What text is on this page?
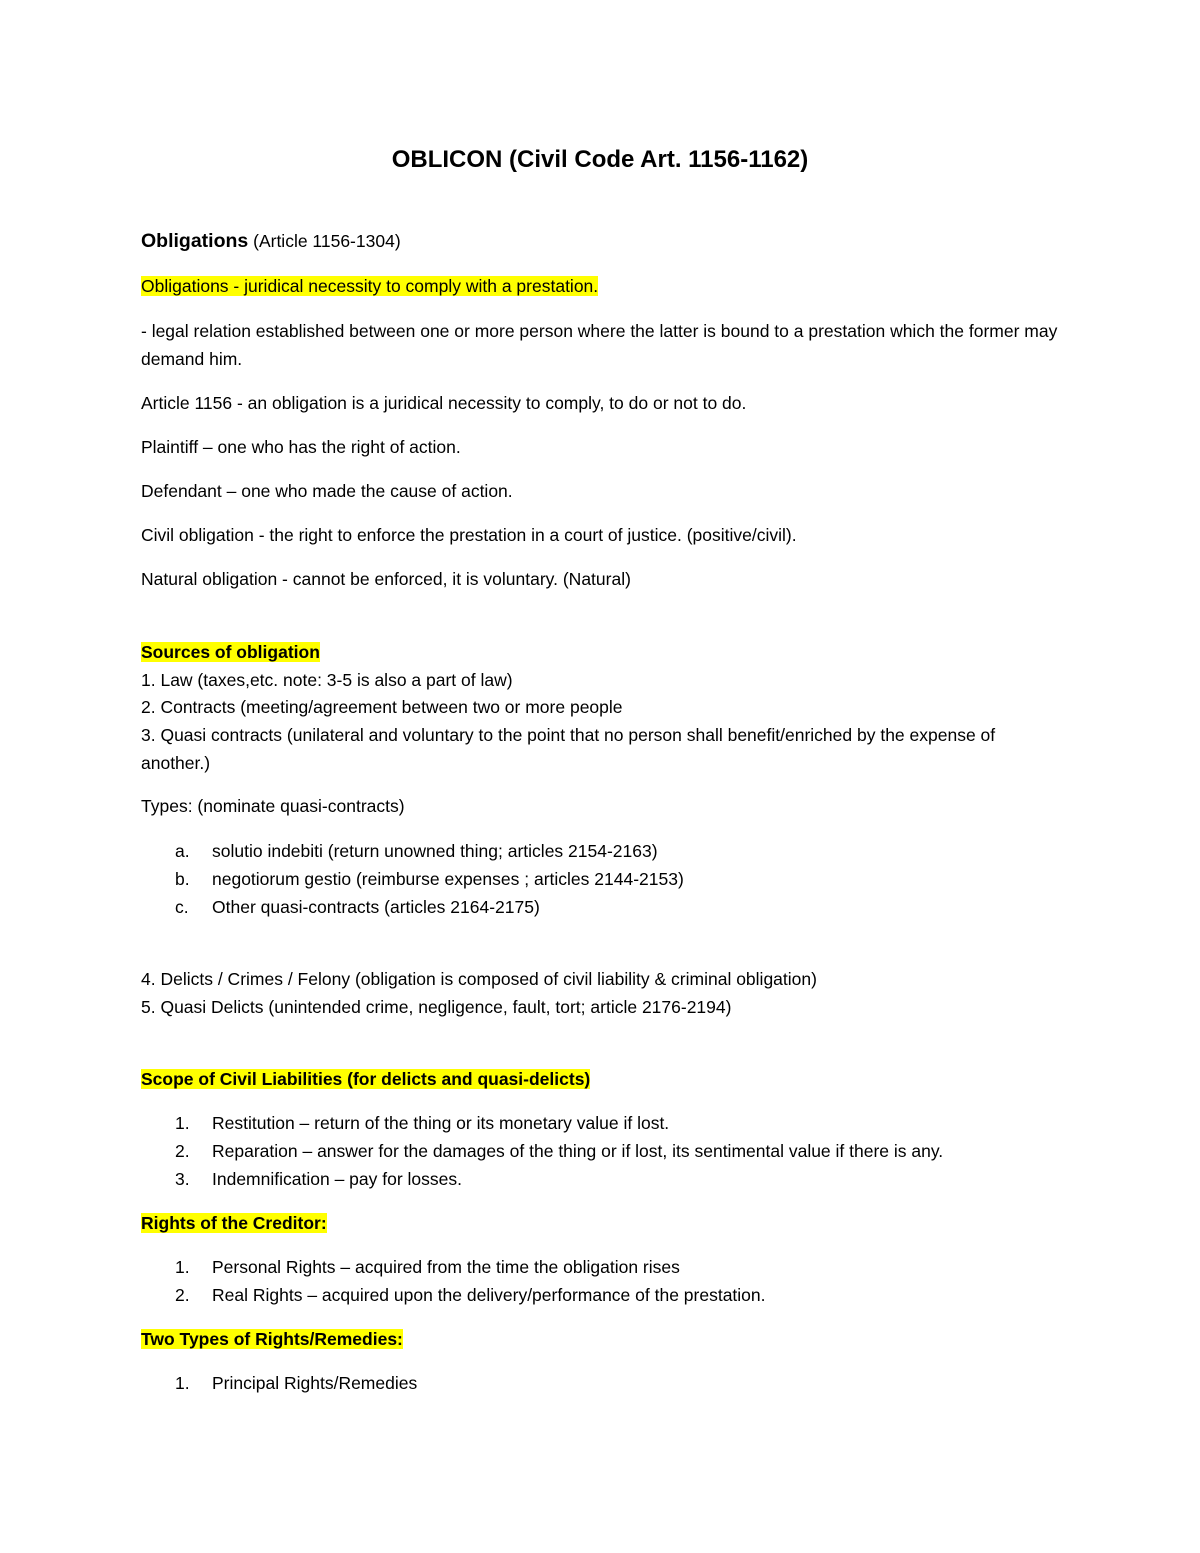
OBLICON (Civil Code Art. 1156-1162)
Obligations (Article 1156-1304)
Obligations - juridical necessity to comply with a prestation.
- legal relation established between one or more person where the latter is bound to a prestation which the former may demand him.
Article 1156 - an obligation is a juridical necessity to comply, to do or not to do.
Plaintiff – one who has the right of action.
Defendant – one who made the cause of action.
Civil obligation - the right to enforce the prestation in a court of justice. (positive/civil).
Natural obligation - cannot be enforced, it is voluntary. (Natural)
Sources of obligation
1. Law (taxes,etc. note: 3-5 is also a part of law)
2. Contracts (meeting/agreement between two or more people
3. Quasi contracts (unilateral and voluntary to the point that no person shall benefit/enriched by the expense of another.)
Types: (nominate quasi-contracts)
a. solutio indebiti (return unowned thing; articles 2154-2163)
b. negotiorum gestio (reimburse expenses ; articles 2144-2153)
c. Other quasi-contracts (articles 2164-2175)
4. Delicts / Crimes / Felony (obligation is composed of civil liability & criminal obligation)
5. Quasi Delicts (unintended crime, negligence, fault, tort; article 2176-2194)
Scope of Civil Liabilities (for delicts and quasi-delicts)
1. Restitution – return of the thing or its monetary value if lost.
2. Reparation – answer for the damages of the thing or if lost, its sentimental value if there is any.
3. Indemnification – pay for losses.
Rights of the Creditor:
1. Personal Rights – acquired from the time the obligation rises
2. Real Rights – acquired upon the delivery/performance of the prestation.
Two Types of Rights/Remedies:
1. Principal Rights/Remedies
